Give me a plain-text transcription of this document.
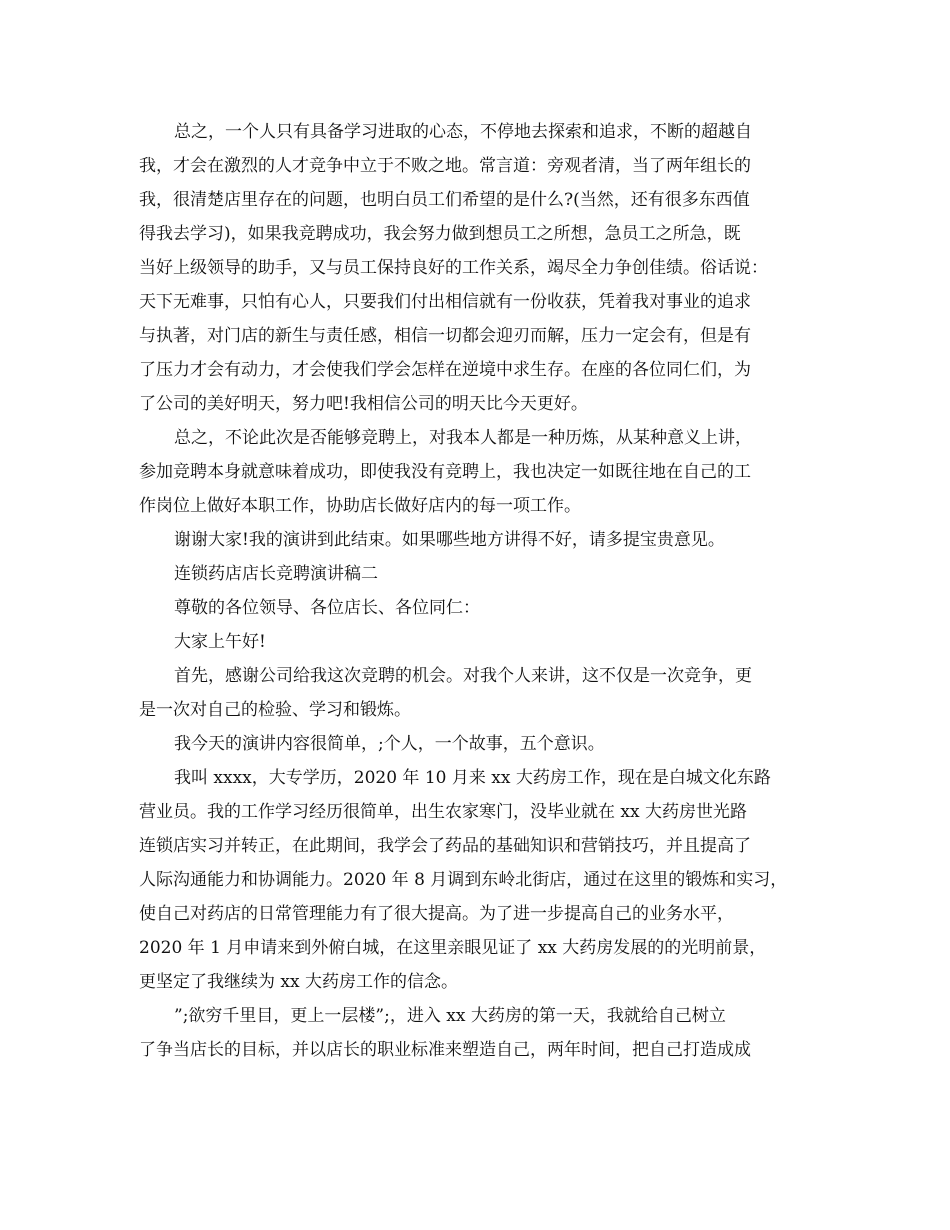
总之，一个人只有具备学习进取的心态，不停地去探索和追求，不断的超越自
我，才会在激烈的人才竞争中立于不败之地。常言道：旁观者清，当了两年组长的
我，很清楚店里存在的问题，也明白员工们希望的是什么?(当然，还有很多东西值
得我去学习)，如果我竞聘成功，我会努力做到想员工之所想，急员工之所急，既
当好上级领导的助手，又与员工保持良好的工作关系，竭尽全力争创佳绩。俗话说：
天下无难事，只怕有心人，只要我们付出相信就有一份收获，凭着我对事业的追求
与执著，对门店的新生与责任感，相信一切都会迎刃而解，压力一定会有，但是有
了压力才会有动力，才会使我们学会怎样在逆境中求生存。在座的各位同仁们，为
了公司的美好明天，努力吧!我相信公司的明天比今天更好。
总之，不论此次是否能够竞聘上，对我本人都是一种历炼，从某种意义上讲，
参加竞聘本身就意味着成功，即使我没有竞聘上，我也决定一如既往地在自己的工
作岗位上做好本职工作，协助店长做好店内的每一项工作。
谢谢大家!我的演讲到此结束。如果哪些地方讲得不好，请多提宝贵意见。
连锁药店店长竞聘演讲稿二
尊敬的各位领导、各位店长、各位同仁：
大家上午好!
首先，感谢公司给我这次竞聘的机会。对我个人来讲，这不仅是一次竞争，更
是一次对自己的检验、学习和锻炼。
我今天的演讲内容很简单，;个人，一个故事，五个意识。
我叫 xxxx，大专学历，2020 年 10 月来 xx 大药房工作，现在是白城文化东路
营业员。我的工作学习经历很简单，出生农家寒门，没毕业就在 xx 大药房世光路
连锁店实习并转正，在此期间，我学会了药品的基础知识和营销技巧，并且提高了
人际沟通能力和协调能力。2020 年 8 月调到东岭北街店，通过在这里的锻炼和实习，
使自己对药店的日常管理能力有了很大提高。为了进一步提高自己的业务水平，
2020 年 1 月申请来到外俯白城，在这里亲眼见证了 xx 大药房发展的的光明前景，
更坚定了我继续为 xx 大药房工作的信念。
”;欲穷千里目，更上一层楼”;，进入 xx 大药房的第一天，我就给自己树立
了争当店长的目标，并以店长的职业标准来塑造自己，两年时间，把自己打造成成
